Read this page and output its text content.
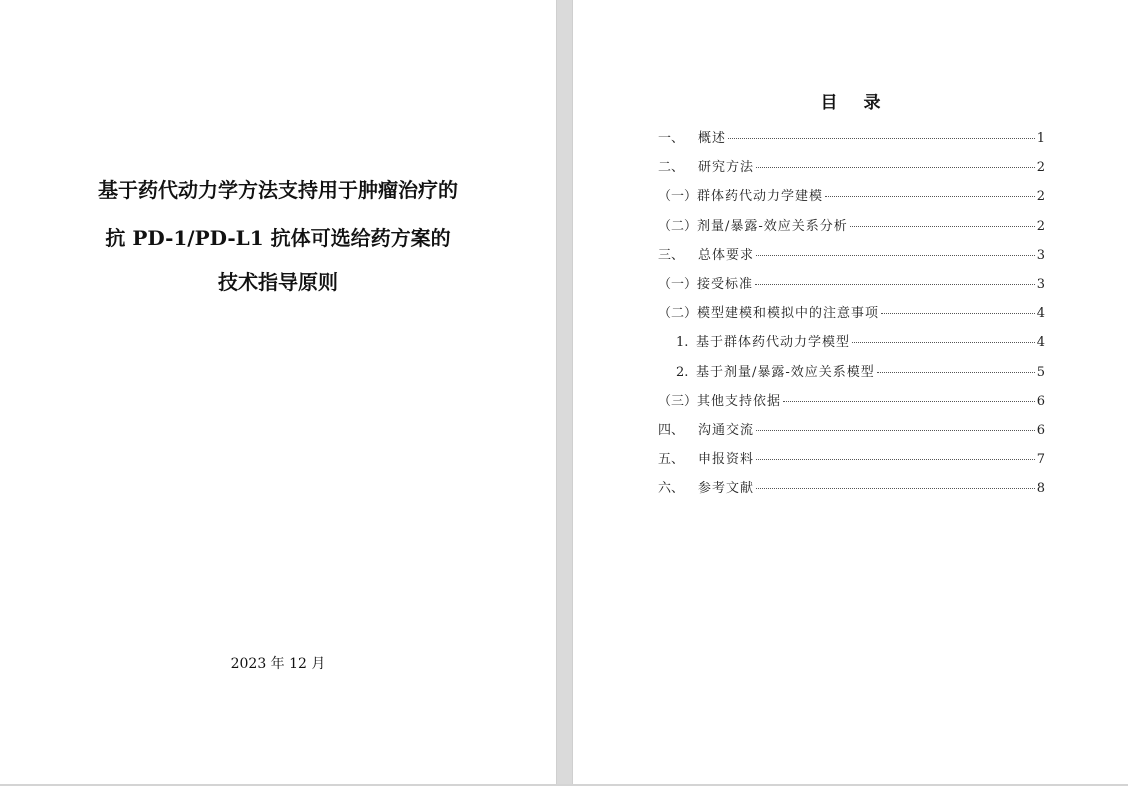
基于药代动力学方法支持用于肿瘤治疗的
抗 PD-1/PD-L1 抗体可选给药方案的
技术指导原则
2023 年 12 月
目 录
一、	概述	1
二、	研究方法	2
（一） 群体药代动力学建模	2
（二） 剂量/暴露-效应关系分析	2
三、	总体要求	3
（一） 接受标准	3
（二） 模型建模和模拟中的注意事项	4
1. 基于群体药代动力学模型	4
2. 基于剂量/暴露-效应关系模型	5
（三） 其他支持依据	6
四、	沟通交流	6
五、	申报资料	7
六、	参考文献	8
